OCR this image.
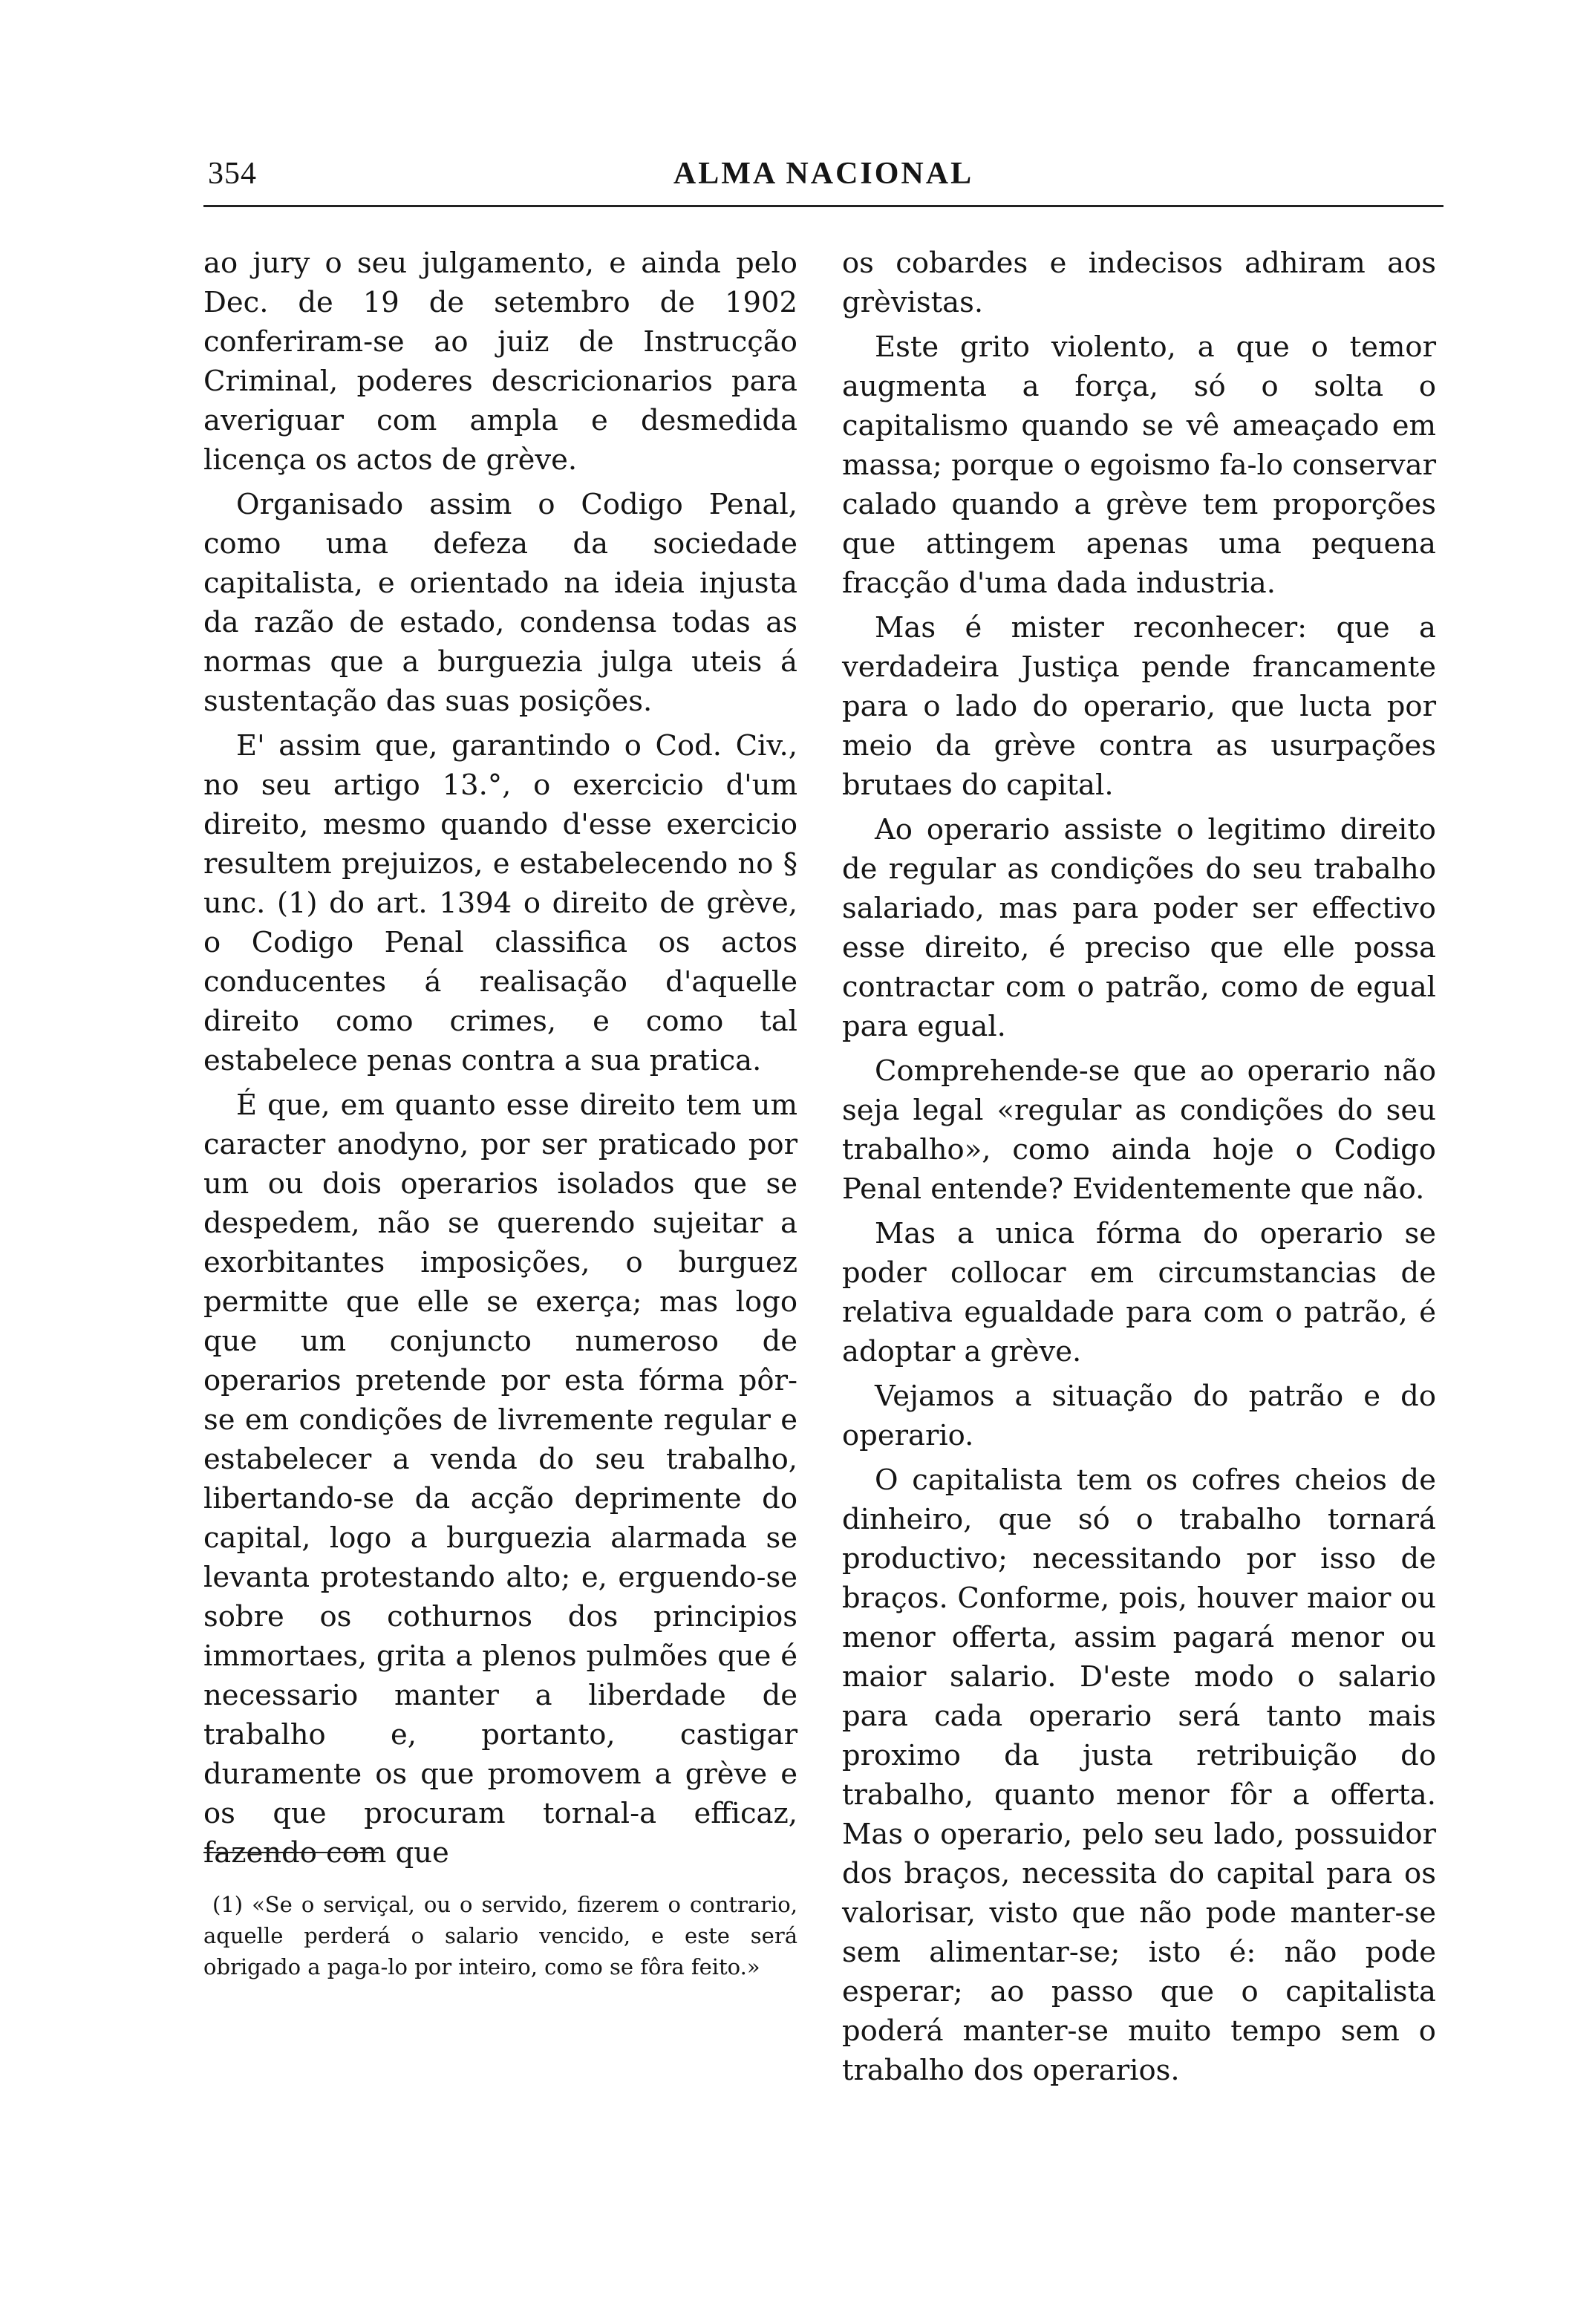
354	ALMA NACIONAL

ao jury o seu julgamento, e ainda pelo Dec. de 19 de setembro de 1902 conferiram-se ao juiz de Instrucção Criminal, poderes descricionarios para averiguar com ampla e desmedida licença os actos de grève.

Organisado assim o Codigo Penal, como uma defeza da sociedade capitalista, e orientado na ideia injusta da razão de estado, condensa todas as normas que a burguezia julga uteis á sustentação das suas posições.

E' assim que, garantindo o Cod. Civ., no seu artigo 13.°, o exercicio d'um direito, mesmo quando d'esse exercicio resultem prejuizos, e estabelecendo no § unc. (1) do art. 1394 o direito de grève, o Codigo Penal classifica os actos conducentes á realisação d'aquelle direito como crimes, e como tal estabelece penas contra a sua pratica.

É que, em quanto esse direito tem um caracter anodyno, por ser praticado por um ou dois operarios isolados que se despedem, não se querendo sujeitar a exorbitantes imposições, o burguez permitte que elle se exerça; mas logo que um conjuncto numeroso de operarios pretende por esta fórma pôr-se em condições de livremente regular e estabelecer a venda do seu trabalho, libertando-se da acção deprimente do capital, logo a burguezia alarmada se levanta protestando alto; e, erguendo-se sobre os cothurnos dos principios immortaes, grita a plenos pulmões que é necessario manter a liberdade de trabalho e, portanto, castigar duramente os que promovem a grève e os que procuram tornal-a efficaz, fazendo com que

(1) «Se o serviçal, ou o servido, fizerem o contrario, aquelle perderá o salario vencido, e este será obrigado a paga-lo por inteiro, como se fôra feito.»

os cobardes e indecisos adhiram aos grèvistas.

Este grito violento, a que o temor augmenta a força, só o solta o capitalismo quando se vê ameaçado em massa; porque o egoismo fa-lo conservar calado quando a grève tem proporções que attingem apenas uma pequena fracção d'uma dada industria.

Mas é mister reconhecer: que a verdadeira Justiça pende francamente para o lado do operario, que lucta por meio da grève contra as usurpações brutaes do capital.

Ao operario assiste o legitimo direito de regular as condições do seu trabalho salariado, mas para poder ser effectivo esse direito, é preciso que elle possa contractar com o patrão, como de egual para egual.

Comprehende-se que ao operario não seja legal «regular as condições do seu trabalho», como ainda hoje o Codigo Penal entende? Evidentemente que não.

Mas a unica fórma do operario se poder collocar em circumstancias de relativa egualdade para com o patrão, é adoptar a grève.

Vejamos a situação do patrão e do operario.

O capitalista tem os cofres cheios de dinheiro, que só o trabalho tornará productivo; necessitando por isso de braços. Conforme, pois, houver maior ou menor offerta, assim pagará menor ou maior salario. D'este modo o salario para cada operario será tanto mais proximo da justa retribuição do trabalho, quanto menor fôr a offerta. Mas o operario, pelo seu lado, possuidor dos braços, necessita do capital para os valorisar, visto que não pode manter-se sem alimentar-se; isto é: não pode esperar; ao passo que o capitalista poderá manter-se muito tempo sem o trabalho dos operarios.
